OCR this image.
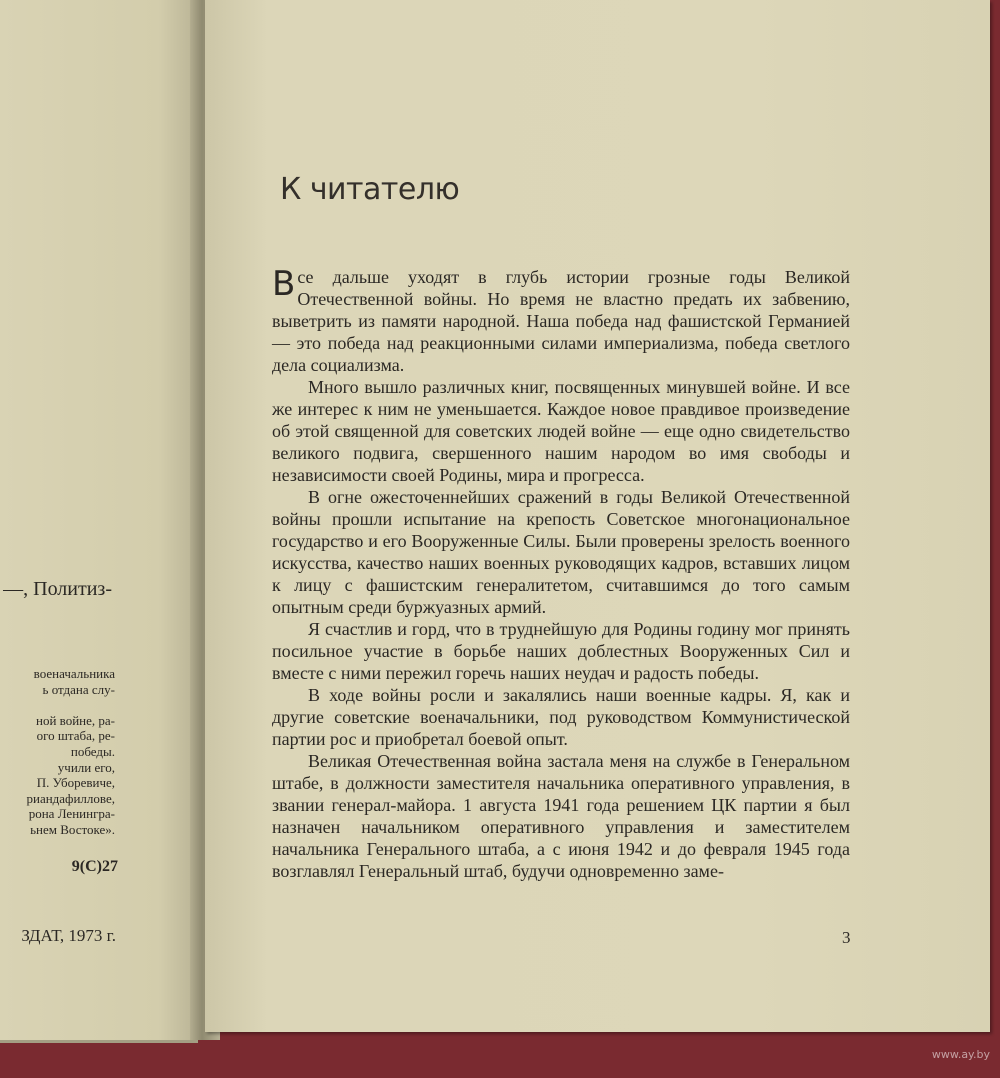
—, Политиз-
военачальника
ь отдана слу-

ной войне, ра-
ого штаба, ре-
победы.
учили его,
П. Уборевиче,
риандафиллове,
рона Ленингра-
ьнем Востоке».
9(С)27
ЗДАТ, 1973 г.
К читателю

Все дальше уходят в глубь истории грозные годы Великой Отечественной войны. Но время не властно предать их забвению, выветрить из памяти народной. Наша победа над фашистской Германией — это победа над реакционными силами империализма, победа светлого дела социализма.

Много вышло различных книг, посвященных минувшей войне. И все же интерес к ним не уменьшается. Каждое новое правдивое произведение об этой священной для советских людей войне — еще одно свидетельство великого подвига, свершенного нашим народом во имя свободы и независимости своей Родины, мира и прогресса.

В огне ожесточеннейших сражений в годы Великой Отечественной войны прошли испытание на крепость Советское многонациональное государство и его Вооруженные Силы. Были проверены зрелость военного искусства, качество наших военных руководящих кадров, вставших лицом к лицу с фашистским генералитетом, считавшимся до того самым опытным среди буржуазных армий.

Я счастлив и горд, что в труднейшую для Родины годину мог принять посильное участие в борьбе наших доблестных Вооруженных Сил и вместе с ними пережил горечь наших неудач и радость победы.

В ходе войны росли и закалялись наши военные кадры. Я, как и другие советские военачальники, под руководством Коммунистической партии рос и приобретал боевой опыт.

Великая Отечественная война застала меня на службе в Генеральном штабе, в должности заместителя начальника оперативного управления, в звании генерал-майора. 1 августа 1941 года решением ЦК партии я был назначен начальником оперативного управления и заместителем начальника Генерального штаба, а с июня 1942 и до февраля 1945 года возглавлял Генеральный штаб, будучи одновременно заме-

3
www.ay.by
